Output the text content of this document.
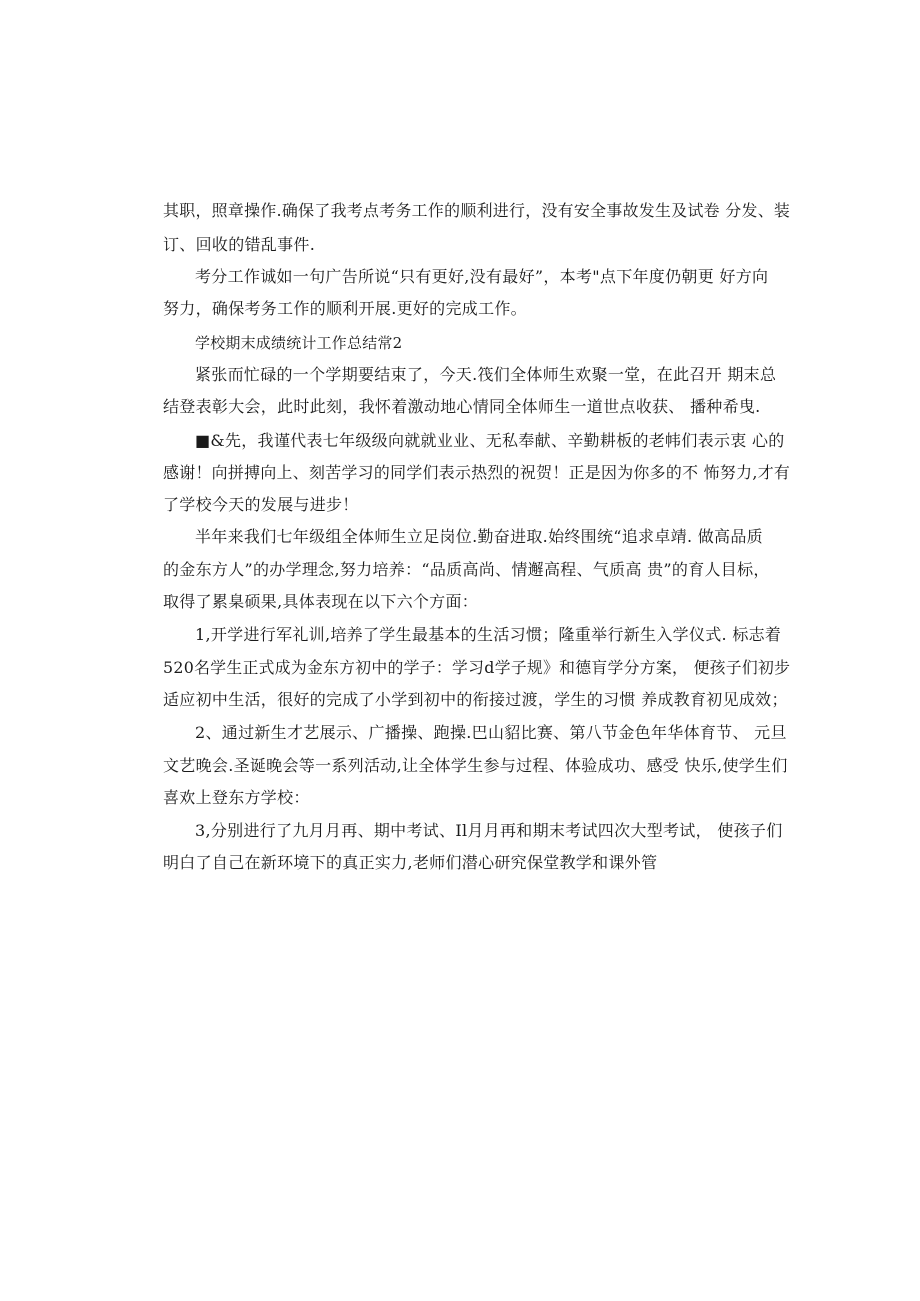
其职，照章操作.确保了我考点考务工作的顺利进行，没有安全事故发生及试卷 分发、装

订、回收的错乱事件.

考分工作诚如一句广告所说“只有更好,没有最好”，本考"点下年度仍朝更 好方向

努力，确保考务工作的顺利开展.更好的完成工作。

学校期末成绩统计工作总结常2

紧张而忙碌的一个学期要结束了，今天.筏们全体师生欢聚一堂，在此召开 期末总

结登表彰大会，此时此刻，我怀着激动地心情同全体师生一道世点收获、 播种希曳.

■&先，我谨代表七年级级向就就业业、无私奉献、辛勤耕板的老帏们表示衷 心的

感谢！向拼搏向上、刻苦学习的同学们表示热烈的祝贺！正是因为你多的不 怖努力,才有

了学校今天的发展与进步！

半年来我们七年级组全体师生立足岗位.勤奋进取.始终围统“追求卓靖. 做高品质

的金东方人”的办学理念,努力培养：“品质高尚、情邂高程、气质高 贵”的育人目标，

取得了累臬硕果,具体表现在以下六个方面：

1,开学进行军礼训,培养了学生最基本的生活习惯；隆重举行新生入学仪式. 标志着

520名学生正式成为金东方初中的学子：学习d学子规》和德肓学分方案， 便孩子们初步

适应初中生活，很好的完成了小学到初中的衔接过渡，学生的习惯 养成教育初见成效；

2、通过新生才艺展示、广播操、跑操.巴山貂比赛、第八节金色年华体育节、 元旦

文艺晚会.圣诞晚会等一系列活动,让全体学生参与过程、体验成功、感受 快乐,使学生们

喜欢上登东方学校：

3,分别进行了九月月再、期中考试、Il月月再和期末考试四次大型考试， 使孩子们

明白了自己在新环境下的真正实力,老师们潜心研究保堂教学和课外管
